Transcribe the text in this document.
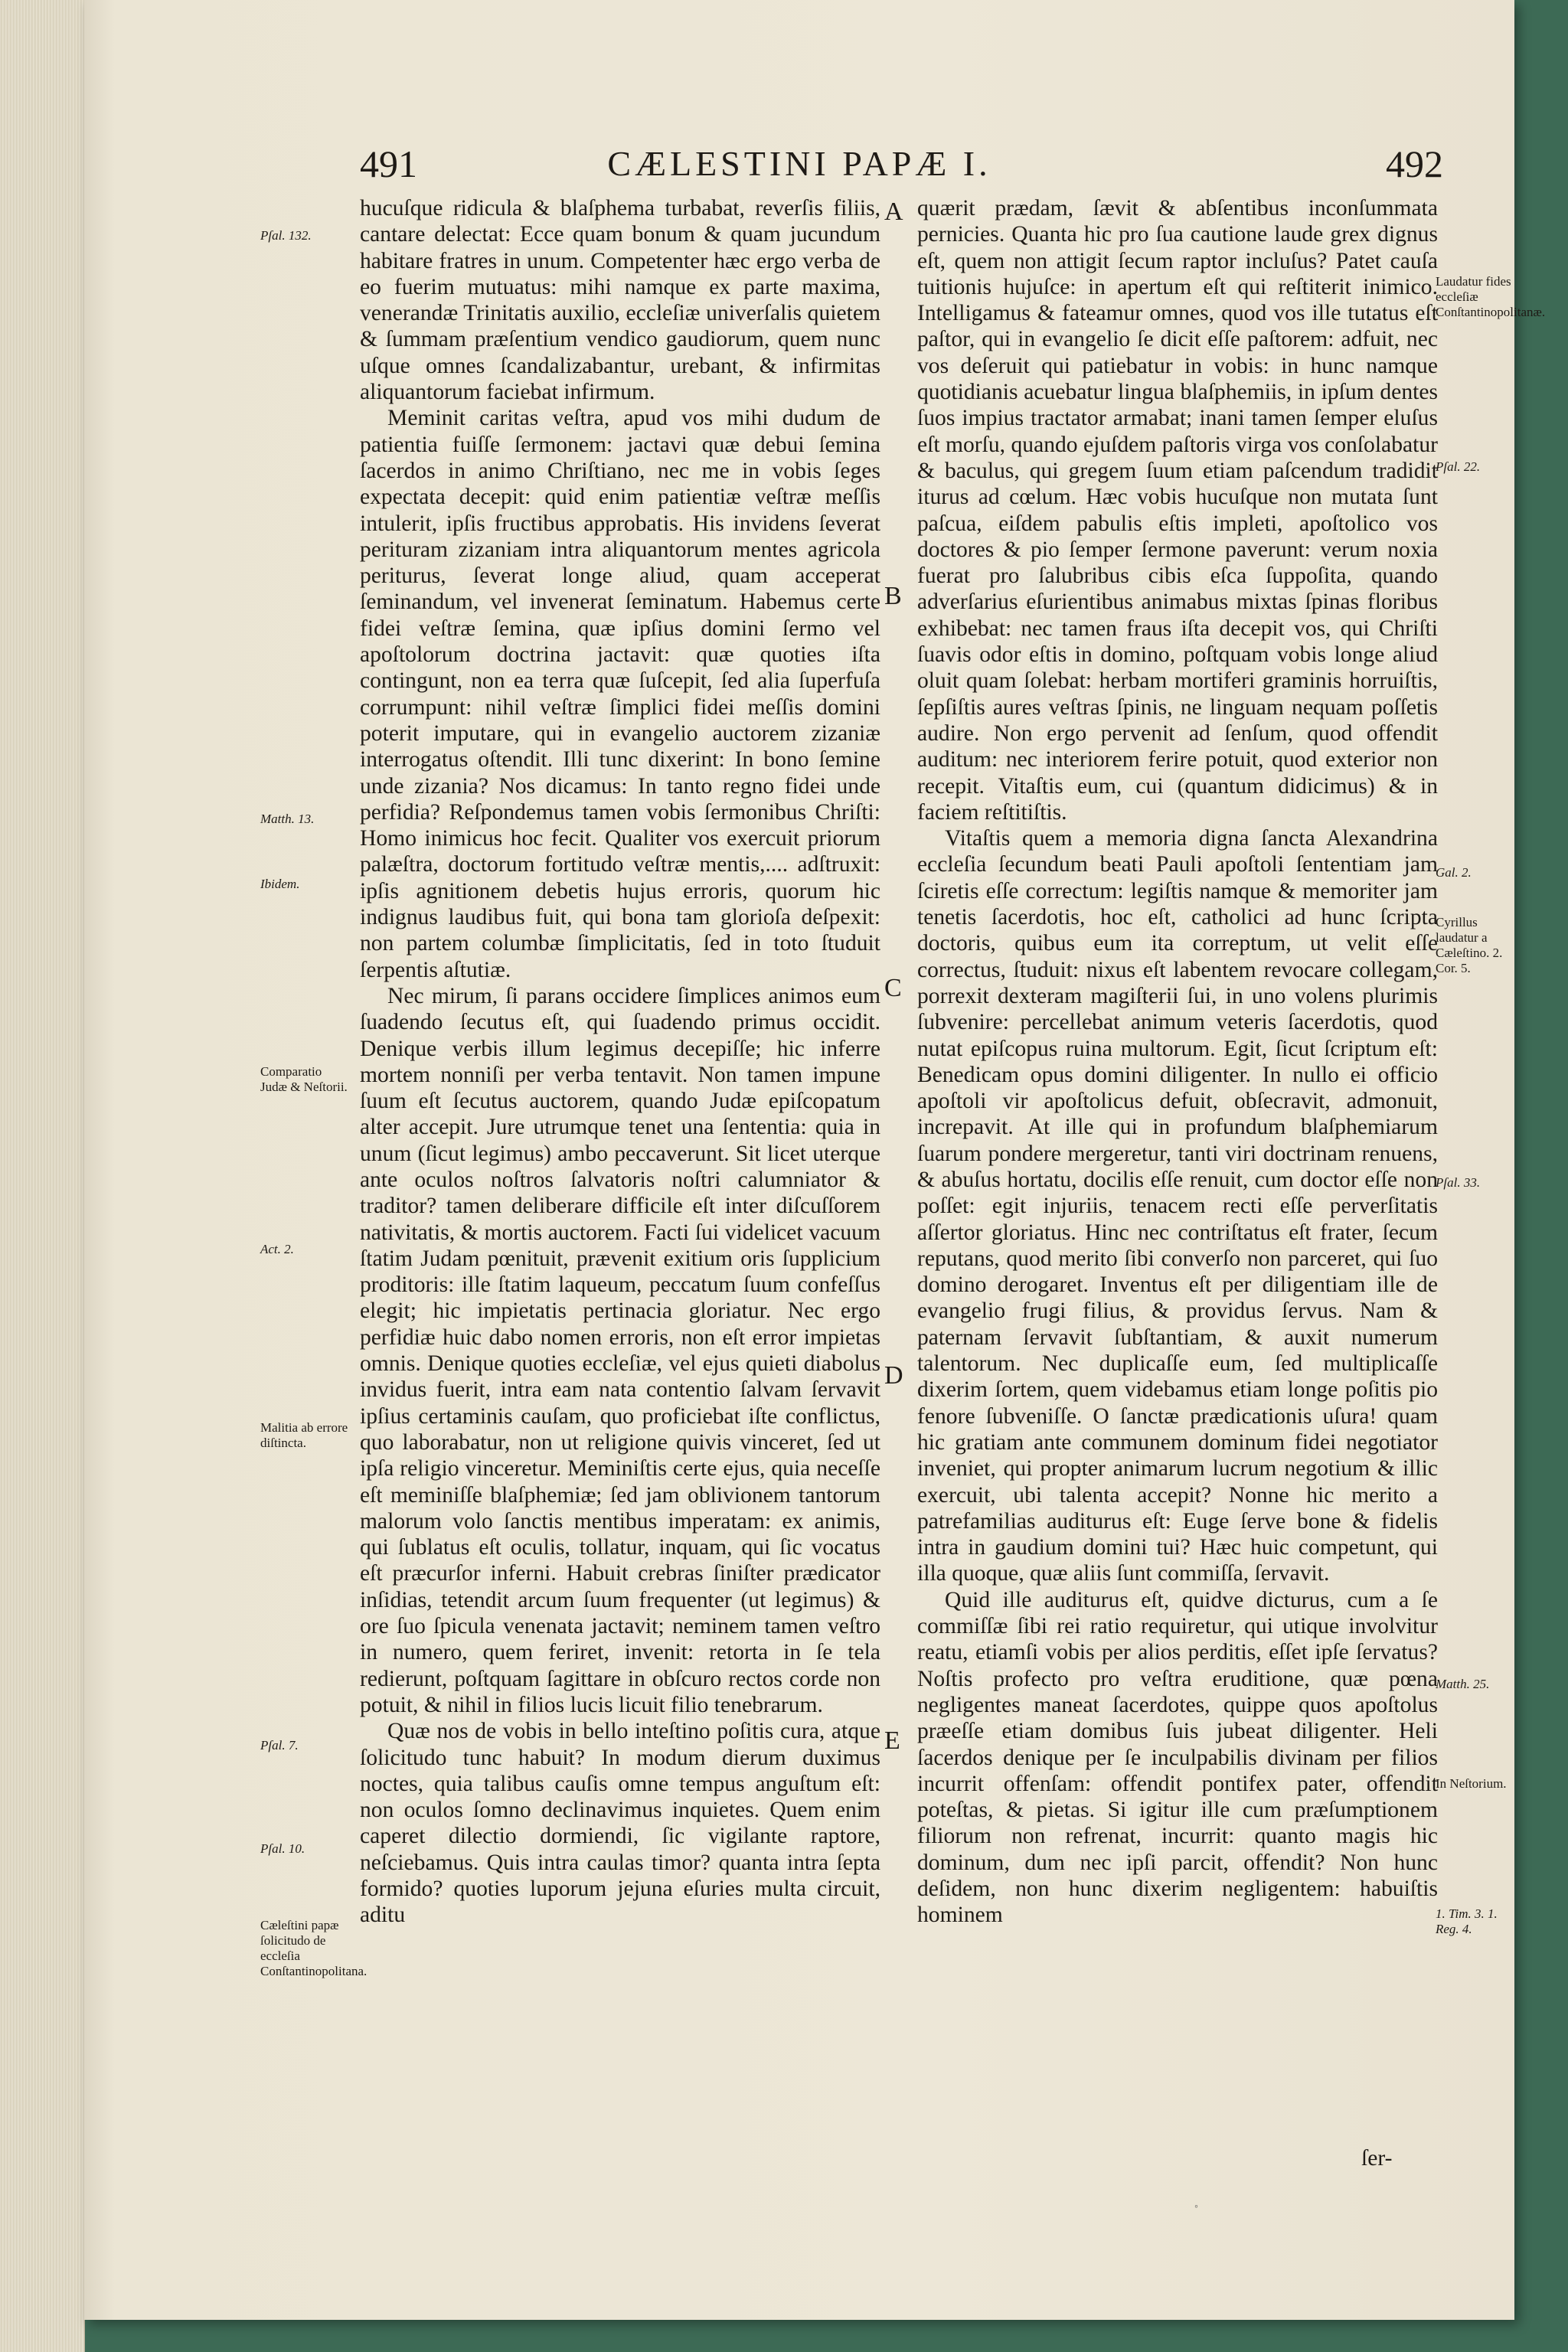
491	CÆLESTINI PAPÆ I.	492

hucuſque ridicula & blaſphema turbabat, reverſis filiis, cantare delectat: Ecce quam bonum & quam jucundum habitare fratres in unum. Competenter hæc ergo verba de eo fuerim mutuatus: mihi namque ex parte maxima, venerandæ Trinitatis auxilio, eccleſiæ univerſalis quietem & ſummam præſentium vendico gaudiorum, quem nunc uſque omnes ſcandalizabantur, urebant, & infirmitas aliquantorum faciebat infirmum.

Meminit caritas veſtra, apud vos mihi dudum de patientia fuiſſe ſermonem: jactavi quæ debui ſemina ſacerdos in animo Chriſtiano, nec me in vobis ſeges expectata decepit: quid enim patientiæ veſtræ meſſis intulerit, ipſis fructibus approbatis. His invidens ſeverat perituram zizaniam intra aliquantorum mentes agricola periturus, ſeverat longe aliud, quam acceperat ſeminandum, vel invenerat ſeminatum. Habemus certe fidei veſtræ ſemina, quæ ipſius domini ſermo vel apoſtolorum doctrina jactavit: quæ quoties iſta contingunt, non ea terra quæ ſuſcepit, ſed alia ſuperfuſa corrumpunt: nihil veſtræ ſimplici fidei meſſis domini poterit imputare, qui in evangelio auctorem zizaniæ interrogatus oſtendit. Illi tunc dixerint: In bono ſemine unde zizania? Nos dicamus: In tanto regno fidei unde perfidia? Reſpondemus tamen vobis ſermonibus Chriſti: Homo inimicus hoc fecit. Qualiter vos exercuit priorum palæſtra, doctorum fortitudo veſtræ mentis,.... adſtruxit: ipſis agnitionem debetis hujus erroris, quorum hic indignus laudibus fuit, qui bona tam glorioſa deſpexit: non partem columbæ ſimplicitatis, ſed in toto ſtuduit ſerpentis aſtutiæ.

Nec mirum, ſi parans occidere ſimplices animos eum ſuadendo ſecutus eſt, qui ſuadendo primus occidit. Denique verbis illum legimus decepiſſe; hic inferre mortem nonniſi per verba tentavit. Non tamen impune ſuum eſt ſecutus auctorem, quando Judæ epiſcopatum alter accepit. Jure utrumque tenet una ſententia: quia in unum (ſicut legimus) ambo peccaverunt. Sit licet uterque ante oculos noſtros ſalvatoris noſtri calumniator & traditor? tamen deliberare difficile eſt inter diſcuſſorem nativitatis, & mortis auctorem. Facti ſui videlicet vacuum ſtatim Judam pœnituit, prævenit exitium oris ſupplicium proditoris: ille ſtatim laqueum, peccatum ſuum confeſſus elegit; hic impietatis pertinacia gloriatur. Nec ergo perfidiæ huic dabo nomen erroris, non eſt error impietas omnis. Denique quoties eccleſiæ, vel ejus quieti diabolus invidus fuerit, intra eam nata contentio ſalvam ſervavit ipſius certaminis cauſam, quo proficiebat iſte conflictus, quo laborabatur, non ut religione quivis vinceret, ſed ut ipſa religio vinceretur. Meminiſtis certe ejus, quia neceſſe eſt meminiſſe blaſphemiæ; ſed jam oblivionem tantorum malorum volo ſanctis mentibus imperatam: ex animis, qui ſublatus eſt oculis, tollatur, inquam, qui ſic vocatus eſt præcurſor inferni. Habuit crebras ſiniſter prædicator inſidias, tetendit arcum ſuum frequenter (ut legimus) & ore ſuo ſpicula venenata jactavit; neminem tamen veſtro in numero, quem feriret, invenit: retorta in ſe tela redierunt, poſtquam ſagittare in obſcuro rectos corde non potuit, & nihil in filios lucis licuit filio tenebrarum.

Quæ nos de vobis in bello inteſtino poſitis cura, atque ſolicitudo tunc habuit? In modum dierum duximus noctes, quia talibus cauſis omne tempus anguſtum eſt: non oculos ſomno declinavimus inquietes. Quem enim caperet dilectio dormiendi, ſic vigilante raptore, neſciebamus. Quis intra caulas timor? quanta intra ſepta formido? quoties luporum jejuna eſuries multa circuit, aditu

quærit prædam, ſævit & abſentibus inconſummata pernicies. Quanta hic pro ſua cautione laude grex dignus eſt, quem non attigit ſecum raptor incluſus? Patet cauſa tuitionis hujuſce: in apertum eſt qui reſtiterit inimico. Intelligamus & fateamur omnes, quod vos ille tutatus eſt paſtor, qui in evangelio ſe dicit eſſe paſtorem: adfuit, nec vos deſeruit qui patiebatur in vobis: in hunc namque quotidianis acuebatur lingua blaſphemiis, in ipſum dentes ſuos impius tractator armabat; inani tamen ſemper eluſus eſt morſu, quando ejuſdem paſtoris virga vos conſolabatur & baculus, qui gregem ſuum etiam paſcendum tradidit iturus ad cœlum. Hæc vobis hucuſque non mutata ſunt paſcua, eiſdem pabulis eſtis impleti, apoſtolico vos doctores & pio ſemper ſermone paverunt: verum noxia fuerat pro ſalubribus cibis eſca ſuppoſita, quando adverſarius eſurientibus animabus mixtas ſpinas floribus exhibebat: nec tamen fraus iſta decepit vos, qui Chriſti ſuavis odor eſtis in domino, poſtquam vobis longe aliud oluit quam ſolebat: herbam mortiferi graminis horruiſtis, ſepſiſtis aures veſtras ſpinis, ne linguam nequam poſſetis audire. Non ergo pervenit ad ſenſum, quod offendit auditum: nec interiorem ferire potuit, quod exterior non recepit. Vitaſtis eum, cui (quantum didicimus) & in faciem reſtitiſtis.

Vitaſtis quem a memoria digna ſancta Alexandrina eccleſia ſecundum beati Pauli apoſtoli ſententiam jam ſciretis eſſe correctum: legiſtis namque & memoriter jam tenetis ſacerdotis, hoc eſt, catholici ad hunc ſcripta doctoris, quibus eum ita correptum, ut velit eſſe correctus, ſtuduit: nixus eſt labentem revocare collegam, porrexit dexteram magiſterii ſui, in uno volens plurimis ſubvenire: percellebat animum veteris ſacerdotis, quod nutat epiſcopus ruina multorum. Egit, ſicut ſcriptum eſt: Benedicam opus domini diligenter. In nullo ei officio apoſtoli vir apoſtolicus defuit, obſecravit, admonuit, increpavit. At ille qui in profundum blaſphemiarum ſuarum pondere mergeretur, tanti viri doctrinam renuens, & abuſus hortatu, docilis eſſe renuit, cum doctor eſſe non poſſet: egit injuriis, tenacem recti eſſe perverſitatis aſſertor gloriatus. Hinc nec contriſtatus eſt frater, ſecum reputans, quod merito ſibi converſo non parceret, qui ſuo domino derogaret. Inventus eſt per diligentiam ille de evangelio frugi filius, & providus ſervus. Nam & paternam ſervavit ſubſtantiam, & auxit numerum talentorum. Nec duplicaſſe eum, ſed multiplicaſſe dixerim ſortem, quem videbamus etiam longe poſitis pio fenore ſubveniſſe. O ſanctæ prædicationis uſura! quam hic gratiam ante communem dominum fidei negotiator inveniet, qui propter animarum lucrum negotium & illic exercuit, ubi talenta accepit? Nonne hic merito a patrefamilias auditurus eſt: Euge ſerve bone & fidelis intra in gaudium domini tui? Hæc huic competunt, qui illa quoque, quæ aliis ſunt commiſſa, ſervavit.

Quid ille auditurus eſt, quidve dicturus, cum a ſe commiſſæ ſibi rei ratio requiretur, qui utique involvitur reatu, etiamſi vobis per alios perditis, eſſet ipſe ſervatus? Noſtis profecto pro veſtra eruditione, quæ pœna negligentes maneat ſacerdotes, quippe quos apoſtolus præeſſe etiam domibus ſuis jubeat diligenter. Heli ſacerdos denique per ſe inculpabilis divinam per filios incurrit offenſam: offendit pontifex pater, offendit poteſtas, & pietas. Si igitur ille cum præſumptionem filiorum non refrenat, incurrit: quanto magis hic dominum, dum nec ipſi parcit, offendit? Non hunc deſidem, non hunc dixerim negligentem: habuiſtis hominem

A
B
C
D
E
Pſal. 132.
Matth. 13.
Ibidem.
Comparatio Judæ & Neſtorii.
Act. 2.
Malitia ab errore diſtincta.
Pſal. 7.
Pſal. 10.
Cæleſtini papæ ſolicitudo de eccleſia Conſtantinopolitana.
Laudatur fides eccleſiæ Conſtantinopolitanæ.
Pſal. 22.
Gal. 2.
Cyrillus laudatur a Cæleſtino. 2. Cor. 5.
Pſal. 33.
Matth. 25.
In Neſtorium.
1. Tim. 3. 1. Reg. 4.
ſer-
◦
